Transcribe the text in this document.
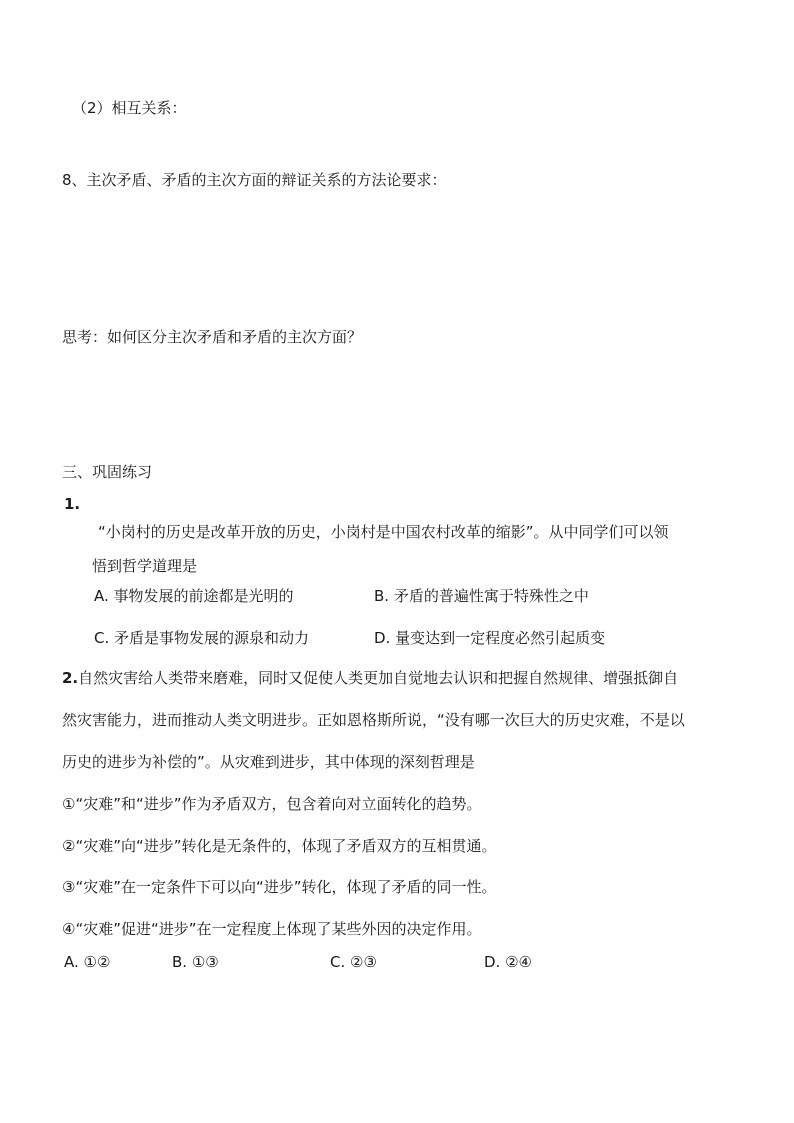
（2）相互关系：
8、主次矛盾、矛盾的主次方面的辩证关系的方法论要求：
思考：如何区分主次矛盾和矛盾的主次方面？
三、巩固练习
1.
“小岗村的历史是改革开放的历史，小岗村是中国农村改革的缩影”。从中同学们可以领
悟到哲学道理是
A. 事物发展的前途都是光明的	B. 矛盾的普遍性寓于特殊性之中
C. 矛盾是事物发展的源泉和动力	D. 量变达到一定程度必然引起质变
2.自然灾害给人类带来磨难，同时又促使人类更加自觉地去认识和把握自然规律、增强抵御自
然灾害能力，进而推动人类文明进步。正如恩格斯所说，“没有哪一次巨大的历史灾难，不是以
历史的进步为补偿的”。从灾难到进步，其中体现的深刻哲理是
①“灾难”和“进步”作为矛盾双方，包含着向对立面转化的趋势。
②“灾难”向“进步”转化是无条件的，体现了矛盾双方的互相贯通。
③“灾难”在一定条件下可以向“进步”转化，体现了矛盾的同一性。
④“灾难”促进“进步”在一定程度上体现了某些外因的决定作用。
A. ①②	B. ①③	C. ②③	D. ②④
